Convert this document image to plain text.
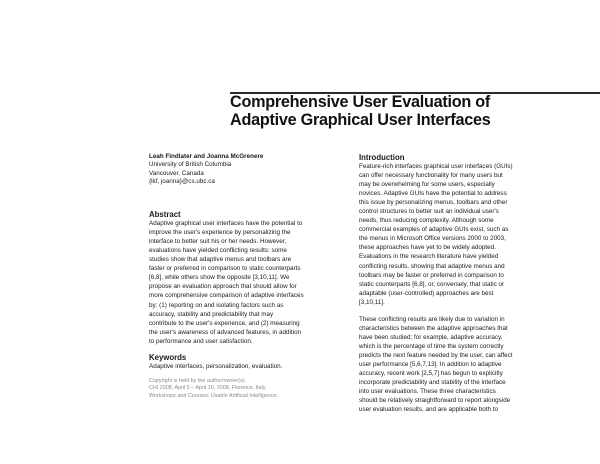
Comprehensive User Evaluation of
Adaptive Graphical User Interfaces
Leah Findlater and Joanna McGrenere
University of British Columbia
Vancouver, Canada
{lkf, joanna}@cs.ubc.ca
Abstract
Adaptive graphical user interfaces have the potential to
improve the user's experience by personalizing the
interface to better suit his or her needs. However,
evaluations have yielded conflicting results: some
studies show that adaptive menus and toolbars are
faster or preferred in comparison to static counterparts
[6,8], while others show the opposite [3,10,11]. We
propose an evaluation approach that should allow for
more comprehensive comparison of adaptive interfaces
by: (1) reporting on and isolating factors such as
accuracy, stability and predictability that may
contribute to the user's experience, and (2) measuring
the user's awareness of advanced features, in addition
to performance and user satisfaction.
Keywords
Adaptive interfaces, personalization, evaluation.
Copyright is held by the author/owner(s).
CHI 2008, April 5 – April 10, 2008, Florence, Italy
Workshops and Courses: Usable Artificial Intelligence.
Introduction
Feature-rich interfaces graphical user interfaces (GUIs)
can offer necessary functionality for many users but
may be overwhelming for some users, especially
novices. Adaptive GUIs have the potential to address
this issue by personalizing menus, toolbars and other
control structures to better suit an individual user's
needs, thus reducing complexity. Although some
commercial examples of adaptive GUIs exist, such as
the menus in Microsoft Office versions 2000 to 2003,
these approaches have yet to be widely adopted.
Evaluations in the research literature have yielded
conflicting results, showing that adaptive menus and
toolbars may be faster or preferred in comparison to
static counterparts [6,8], or, conversely, that static or
adaptable (user-controlled) approaches are best
[3,10,11].
These conflicting results are likely due to variation in
characteristics between the adaptive approaches that
have been studied; for example, adaptive accuracy,
which is the percentage of time the system correctly
predicts the next feature needed by the user, can affect
user performance [5,6,7,13]. In addition to adaptive
accuracy, recent work [2,5,7] has begun to explicitly
incorporate predictability and stability of the interface
into user evaluations. These three characteristics
should be relatively straightforward to report alongside
user evaluation results, and are applicable both to
